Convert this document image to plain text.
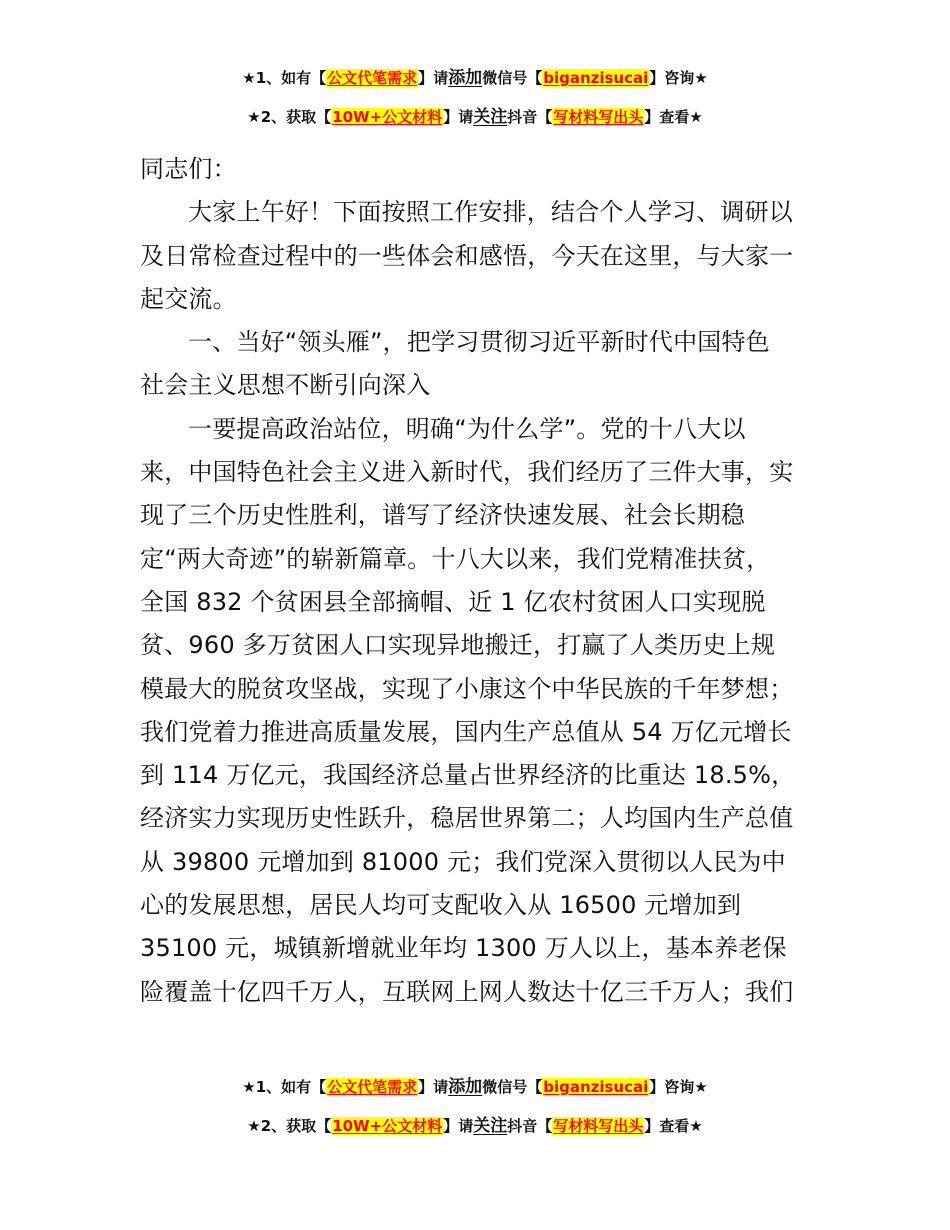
★1、如有【公文代笔需求】请添加微信号【biganzisucai】咨询★
★2、获取【10W+公文材料】请关注抖音【写材料写出头】查看★

同志们：

大家上午好！下面按照工作安排，结合个人学习、调研以

及日常检查过程中的一些体会和感悟，今天在这里，与大家一

起交流。

一、当好“领头雁”，把学习贯彻习近平新时代中国特色

社会主义思想不断引向深入

一要提高政治站位，明确“为什么学”。党的十八大以

来，中国特色社会主义进入新时代，我们经历了三件大事，实

现了三个历史性胜利，谱写了经济快速发展、社会长期稳

定“两大奇迹”的崭新篇章。十八大以来，我们党精准扶贫，

全国 832 个贫困县全部摘帽、近 1 亿农村贫困人口实现脱

贫、960 多万贫困人口实现异地搬迁，打赢了人类历史上规

模最大的脱贫攻坚战，实现了小康这个中华民族的千年梦想；

我们党着力推进高质量发展，国内生产总值从 54 万亿元增长

到 114 万亿元，我国经济总量占世界经济的比重达 18.5%，

经济实力实现历史性跃升，稳居世界第二；人均国内生产总值

从 39800 元增加到 81000 元；我们党深入贯彻以人民为中

心的发展思想，居民人均可支配收入从 16500 元增加到

35100 元，城镇新增就业年均 1300 万人以上，基本养老保

险覆盖十亿四千万人，互联网上网人数达十亿三千万人；我们

★1、如有【公文代笔需求】请添加微信号【biganzisucai】咨询★
★2、获取【10W+公文材料】请关注抖音【写材料写出头】查看★
